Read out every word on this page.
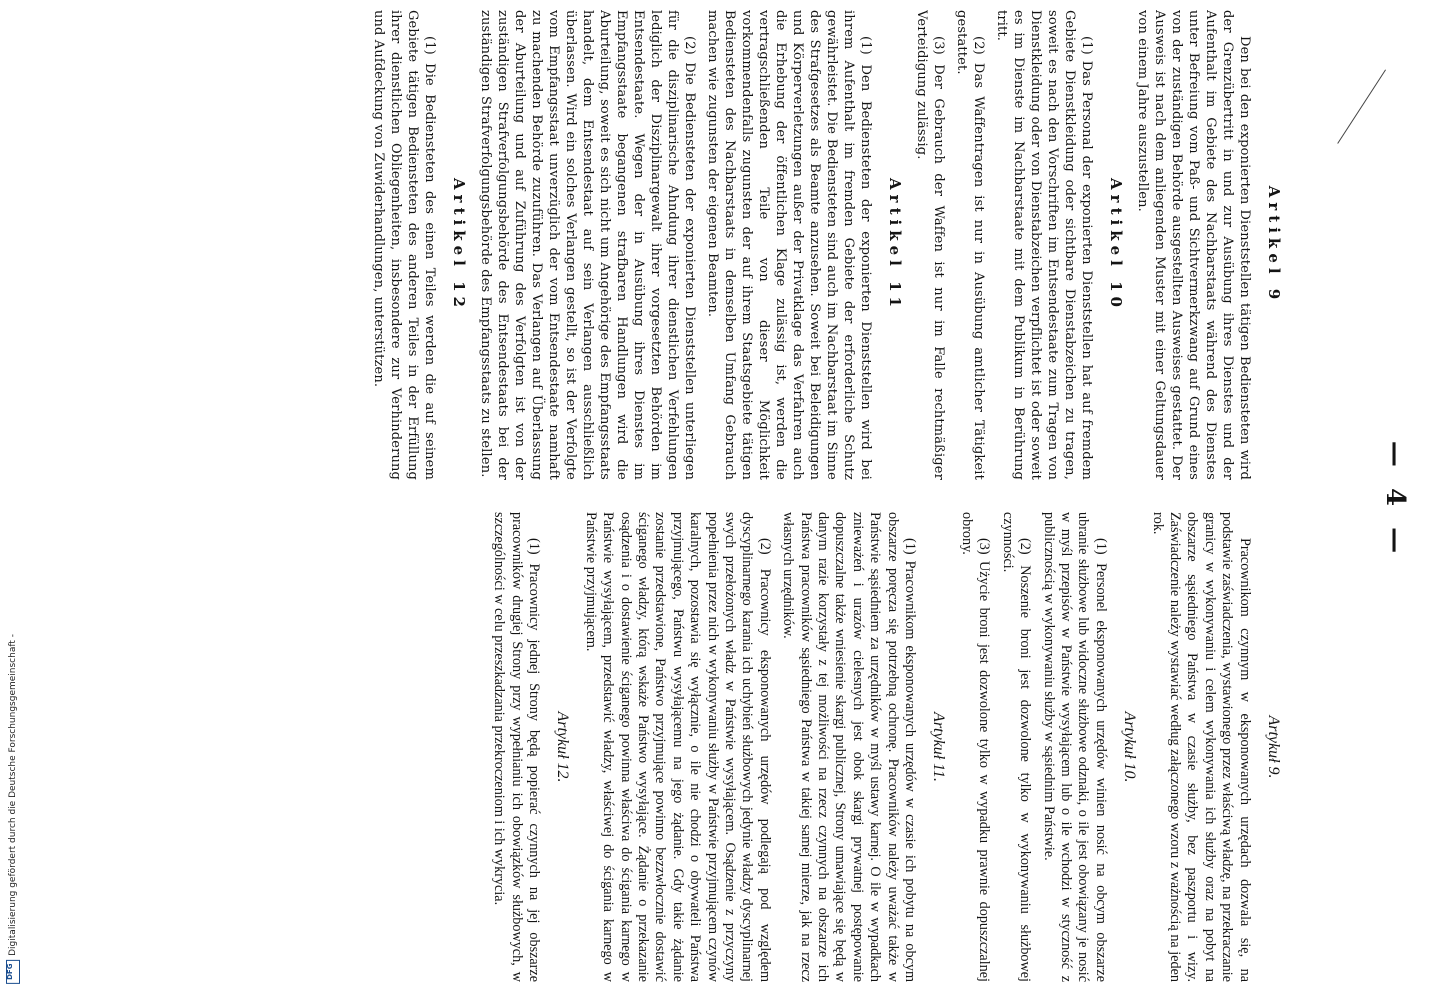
— 4 —
Artikel 9

Den bei den exponierten Dienststellen tätigen Bediensteten wird der Grenzübertritt in und zur Ausübung ihres Dienstes und der Aufenthalt im Gebiete des Nachbarstaats während des Dienstes unter Befreiung vom Paß- und Sichtvermerkzwang auf Grund eines von der zuständigen Behörde ausgestellten Ausweises gestattet. Der Ausweis ist nach dem anliegenden Muster mit einer Geltungsdauer von einem Jahre auszustellen.

Artikel 10

(1) Das Personal der exponierten Dienststellen hat auf fremdem Gebiete Dienstkleidung oder sichtbare Dienstabzeichen zu tragen, soweit es nach den Vorschriften im Entsendestaate zum Tragen von Dienstkleidung oder von Dienstabzeichen verpflichtet ist oder soweit es im Dienste im Nachbarstaate mit dem Publikum in Berührung tritt.

(2) Das Waffentragen ist nur in Ausübung amtlicher Tätigkeit gestattet.

(3) Der Gebrauch der Waffen ist nur im Falle rechtmäßiger Verteidigung zulässig.

Artikel 11

(1) Den Bediensteten der exponierten Dienststellen wird bei ihrem Aufenthalt im fremden Gebiete der erforderliche Schutz gewährleistet. Die Bediensteten sind auch im Nachbarstaat im Sinne des Strafgesetzes als Beamte anzusehen. Soweit bei Beleidigungen und Körperverletzungen außer der Privatklage das Verfahren auch die Erhebung der öffentlichen Klage zulässig ist, werden die vertragschließenden Teile von dieser Möglichkeit vorkommendenfalls zugunsten der auf ihrem Staatsgebiete tätigen Bediensteten des Nachbarstaats in demselben Umfang Gebrauch machen wie zugunsten der eigenen Beamten.

(2) Die Bediensteten der exponierten Dienststellen unterliegen für die disziplinarische Ahndung ihrer dienstlichen Verfehlungen lediglich der Disziplinargewalt ihrer vorgesetzten Behörden im Entsendestaate. Wegen der in Ausübung ihres Dienstes im Empfangsstaate begangenen strafbaren Handlungen wird die Aburteilung, soweit es sich nicht um Angehörige des Empfangsstaats handelt, dem Entsendestaat auf sein Verlangen ausschließlich überlassen. Wird ein solches Verlangen gestellt, so ist der Verfolgte vom Empfangsstaat unverzüglich der vom Entsendestaate namhaft zu machenden Behörde zuzuführen. Das Verlangen auf Überlassung der Aburteilung und auf Zuführung des Verfolgten ist von der zuständigen Strafverfolgungsbehörde des Entsendestaats bei der zuständigen Strafverfolgungsbehörde des Empfangsstaats zu stellen.

Artikel 12

(1) Die Bediensteten des einen Teiles werden die auf seinem Gebiete tätigen Bediensteten des anderen Teiles in der Erfüllung ihrer dienstlichen Obliegenheiten, insbesondere zur Verhinderung und Aufdeckung von Zuwiderhandlungen, unterstützen.

Artykuł 9.

Pracownikom czynnym w eksponowanych urzędach dozwala się, na podstawie zaświadczenia, wystawionego przez właściwą władzę, na przekraczanie granicy w wykonywaniu i celem wykonywania ich służby oraz na pobyt na obszarze sąsiedniego Państwa w czasie służby, bez paszportu i wizy. Zaświadczenie należy wystawiać według załączonego wzoru z ważnością na jeden rok.

Artykuł 10.

(1) Personel eksponowanych urzędów winien nosić na obcym obszarze ubranie służbowe lub widoczne służbowe odznaki, o ile jest obowiązany je nosić w myśl przepisów w Państwie wysyłającem lub o ile wchodzi w styczność z publicznością w wykonywaniu służby w sąsiednim Państwie.

(2) Noszenie broni jest dozwolone tylko w wykonywaniu służbowej czynności.

(3) Użycie broni jest dozwolone tylko w wypadku prawnie dopuszczalnej obrony.

Artykuł 11.

(1) Pracownikom eksponowanych urzędów w czasie ich pobytu na obcym obszarze poręcza się potrzebną ochronę. Pracowników należy uważać także w Państwie sąsiedniem za urzędników w myśl ustawy karnej. O ile w wypadkach znieważeń i urazów cielesnych jest obok skargi prywatnej postępowanie dopuszczalne także wniesienie skargi publicznej, Strony umawiające się będą w danym razie korzystały z tej możliwości na rzecz czynnych na obszarze ich Państwa pracowników sąsiedniego Państwa w takiej samej mierze, jak na rzecz własnych urzędników.

(2) Pracownicy eksponowanych urzędów podlegają pod względem dyscyplinarnego karania ich uchybień służbowych jedynie władzy dyscyplinarnej swych przełożonych władz w Państwie wysyłającem. Osądzenie z przyczyny popełnienia przez nich w wykonywaniu służby w Państwie przyjmującem czynów karalnych, pozostawia się wyłącznie, o ile nie chodzi o obywateli Państwa przyjmującego, Państwu wysyłającemu na jego żądanie. Gdy takie żądanie zostanie przedstawione, Państwo przyjmujące powinno bezzwłocznie dostawić ściganego władzy, którą wskaże Państwo wysyłające. Żądanie o przekazanie osądzenia i o dostawienie ściganego powinna właściwa do ścigania karnego w Państwie wysyłającem, przedstawić władzy, właściwej do ścigania karnego w Państwie przyjmującem.

Artykuł 12.

(1) Pracownicy jednej Strony będą popierać czynnych na jej obszarze pracowników drugiej Strony przy wypełnianiu ich obowiązków służbowych, w szczególności w celu przeszkadzania przekroczeniom i ich wykrycia.

DFG
Digitalisierung gefördert durch die Deutsche Forschungsgemeinschaft -
